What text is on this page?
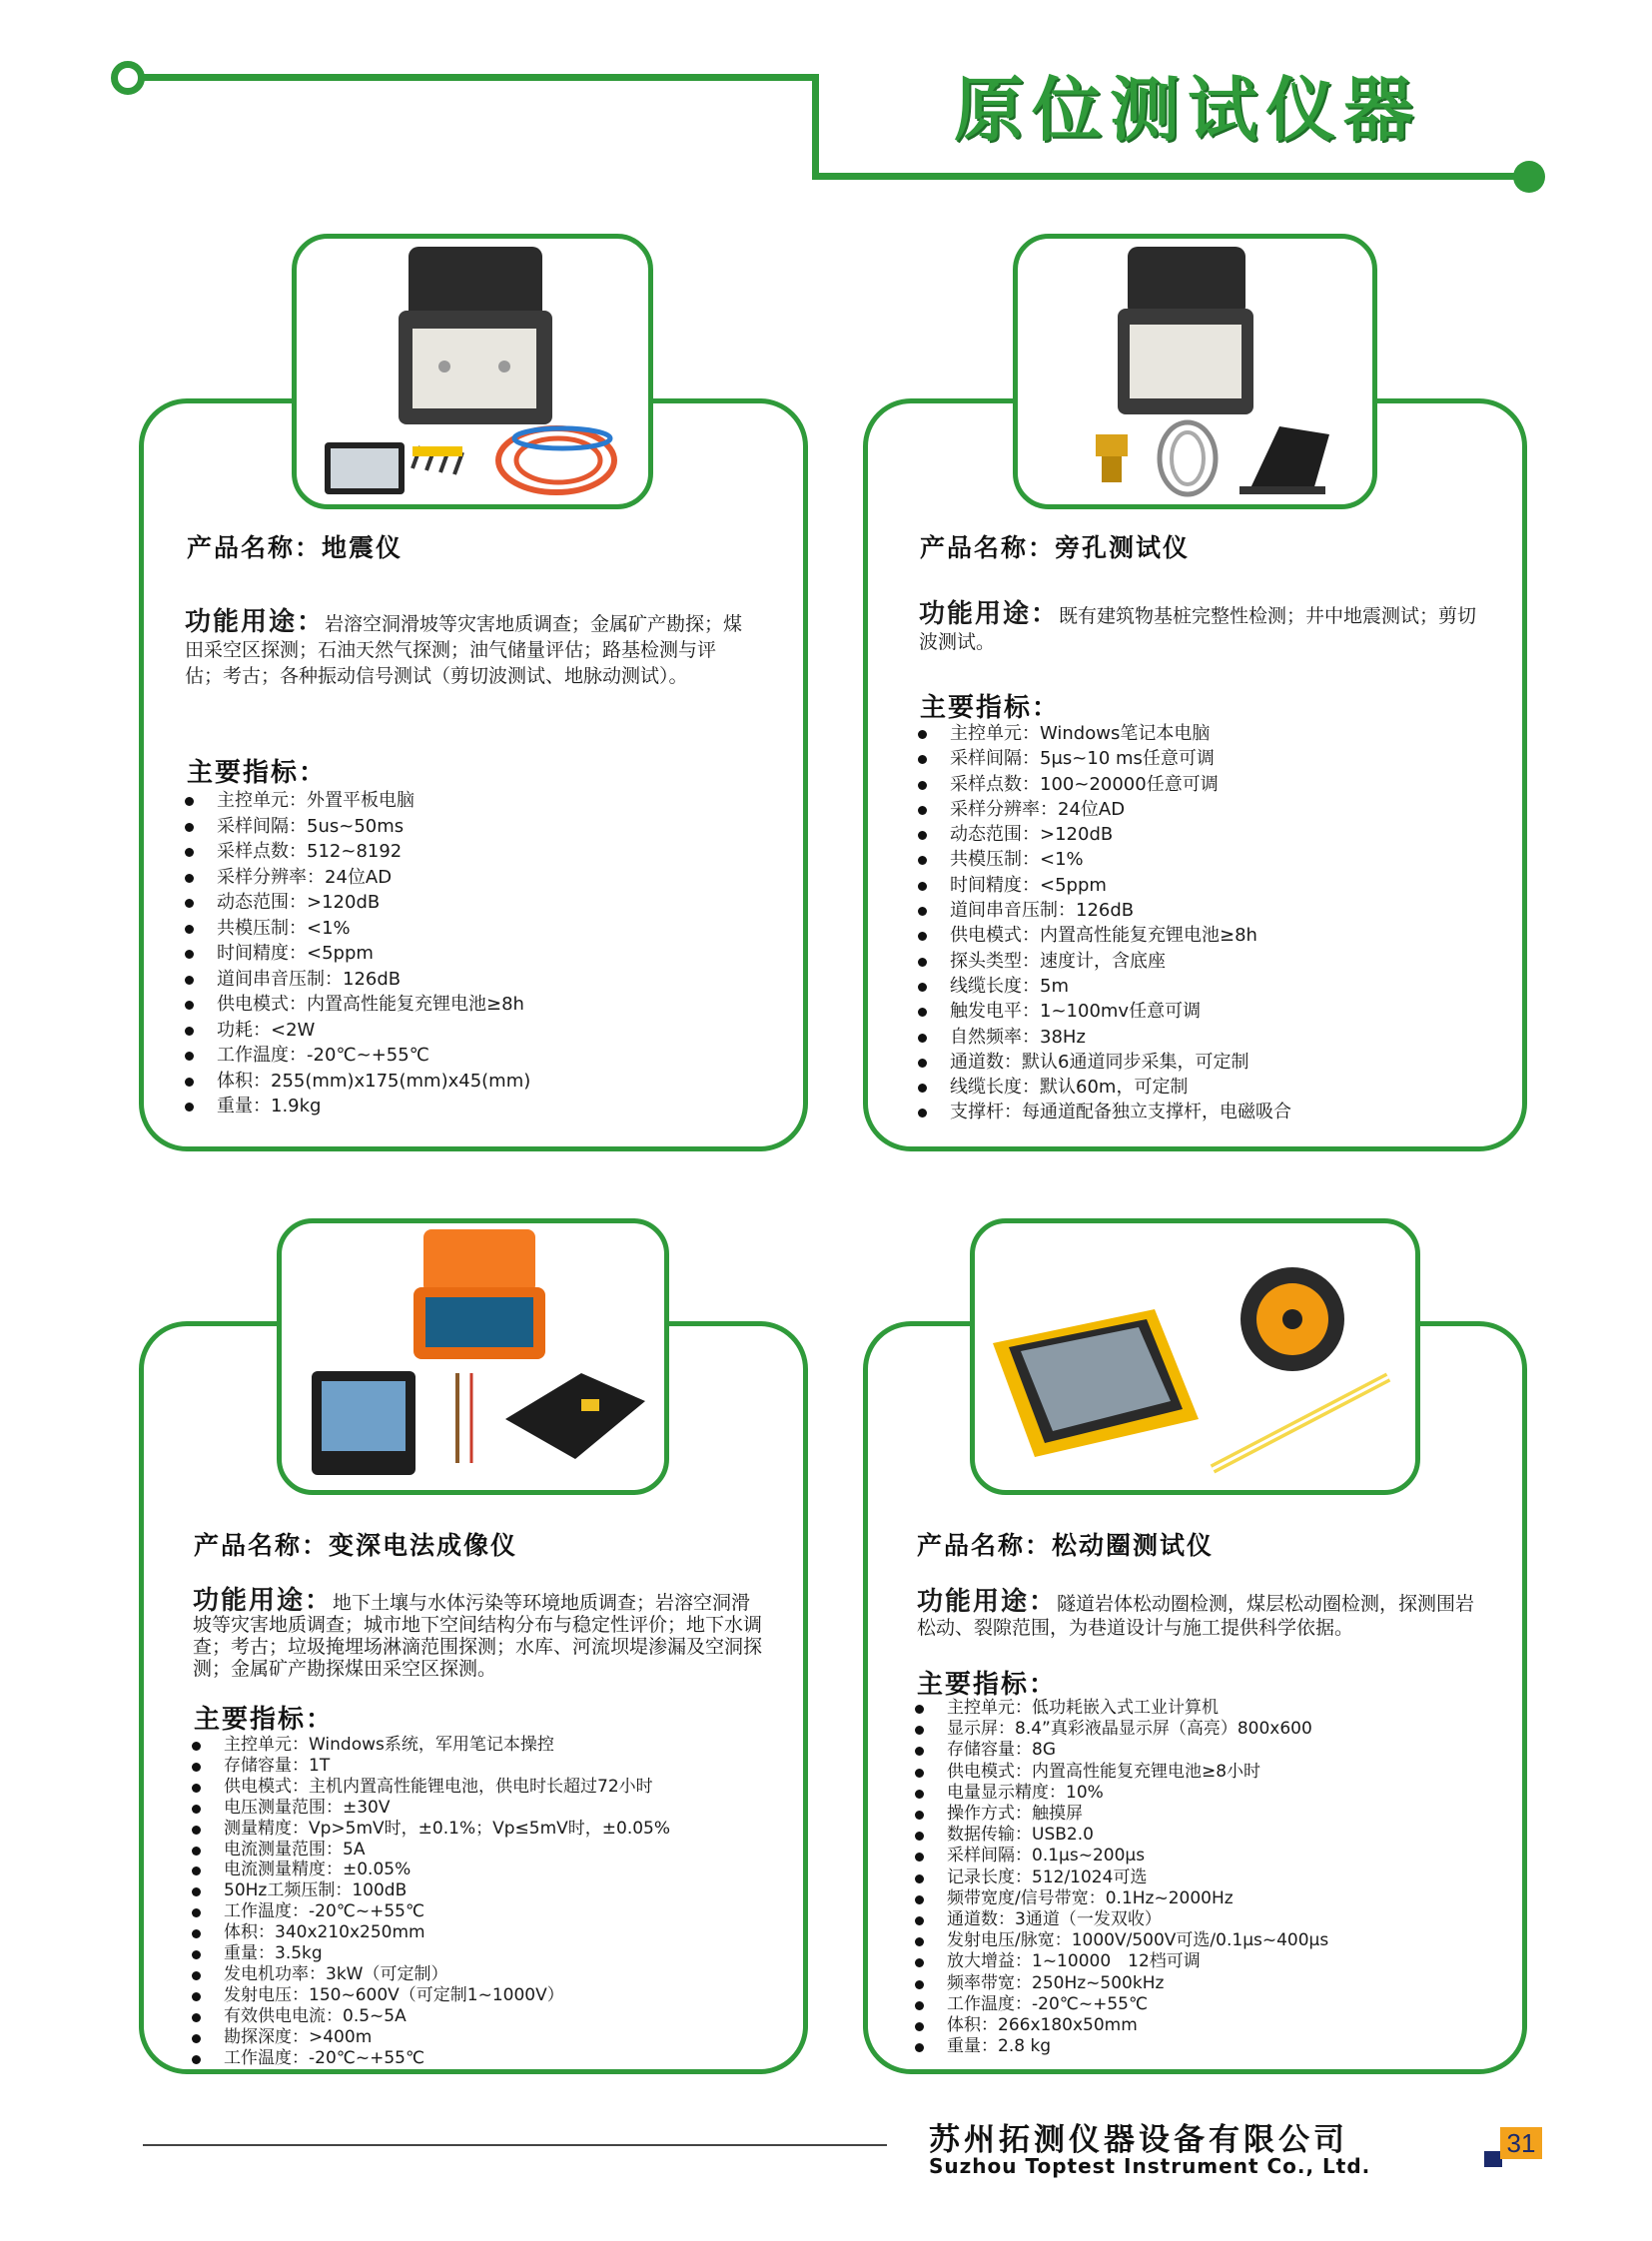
原位测试仪器
产品名称：地震仪
功能用途：岩溶空洞滑坡等灾害地质调查；金属矿产勘探；煤田采空区探测；石油天然气探测；油气储量评估；路基检测与评估；考古；各种振动信号测试（剪切波测试、地脉动测试）。
主要指标：
主控单元：外置平板电脑
采样间隔：5us~50ms
采样点数：512~8192
采样分辨率：24位AD
动态范围：>120dB
共模压制：<1%
时间精度：<5ppm
道间串音压制：126dB
供电模式：内置高性能复充锂电池≥8h
功耗：<2W
工作温度：-20℃~+55℃
体积：255(mm)x175(mm)x45(mm)
重量：1.9kg
产品名称：旁孔测试仪
功能用途：既有建筑物基桩完整性检测；井中地震测试；剪切波测试。
主要指标：
主控单元：Windows笔记本电脑
采样间隔：5μs~10 ms任意可调
采样点数：100~20000任意可调
采样分辨率：24位AD
动态范围：>120dB
共模压制：<1%
时间精度：<5ppm
道间串音压制：126dB
供电模式：内置高性能复充锂电池≥8h
探头类型：速度计，含底座
线缆长度：5m
触发电平：1~100mv任意可调
自然频率：38Hz
通道数：默认6通道同步采集，可定制
线缆长度：默认60m，可定制
支撑杆：每通道配备独立支撑杆，电磁吸合
产品名称：变深电法成像仪
功能用途：地下土壤与水体污染等环境地质调查；岩溶空洞滑坡等灾害地质调查；城市地下空间结构分布与稳定性评价；地下水调查；考古；垃圾掩埋场淋滴范围探测；水库、河流坝堤渗漏及空洞探测；金属矿产勘探煤田采空区探测。
主要指标：
主控单元：Windows系统，军用笔记本操控
存储容量：1T
供电模式：主机内置高性能锂电池，供电时长超过72小时
电压测量范围：±30V
测量精度：Vp>5mV时，±0.1%；Vp≤5mV时，±0.05%
电流测量范围：5A
电流测量精度：±0.05%
50Hz工频压制：100dB
工作温度：-20℃~+55℃
体积：340x210x250mm
重量：3.5kg
发电机功率：3kW（可定制）
发射电压：150~600V（可定制1~1000V）
有效供电电流：0.5~5A
勘探深度：>400m
工作温度：-20℃~+55℃
产品名称：松动圈测试仪
功能用途：隧道岩体松动圈检测，煤层松动圈检测，探测围岩松动、裂隙范围，为巷道设计与施工提供科学依据。
主要指标：
主控单元：低功耗嵌入式工业计算机
显示屏：8.4”真彩液晶显示屏（高亮）800x600
存储容量：8G
供电模式：内置高性能复充锂电池≥8小时
电量显示精度：10%
操作方式：触摸屏
数据传输：USB2.0
采样间隔：0.1μs~200μs
记录长度：512/1024可选
频带宽度/信号带宽：0.1Hz~2000Hz
通道数：3通道（一发双收）
发射电压/脉宽：1000V/500V可选/0.1μs~400μs
放大增益：1~10000　12档可调
频率带宽：250Hz~500kHz
工作温度：-20℃~+55℃
体积：266x180x50mm
重量：2.8 kg
苏州拓测仪器设备有限公司
Suzhou Toptest Instrument Co., Ltd.
31
